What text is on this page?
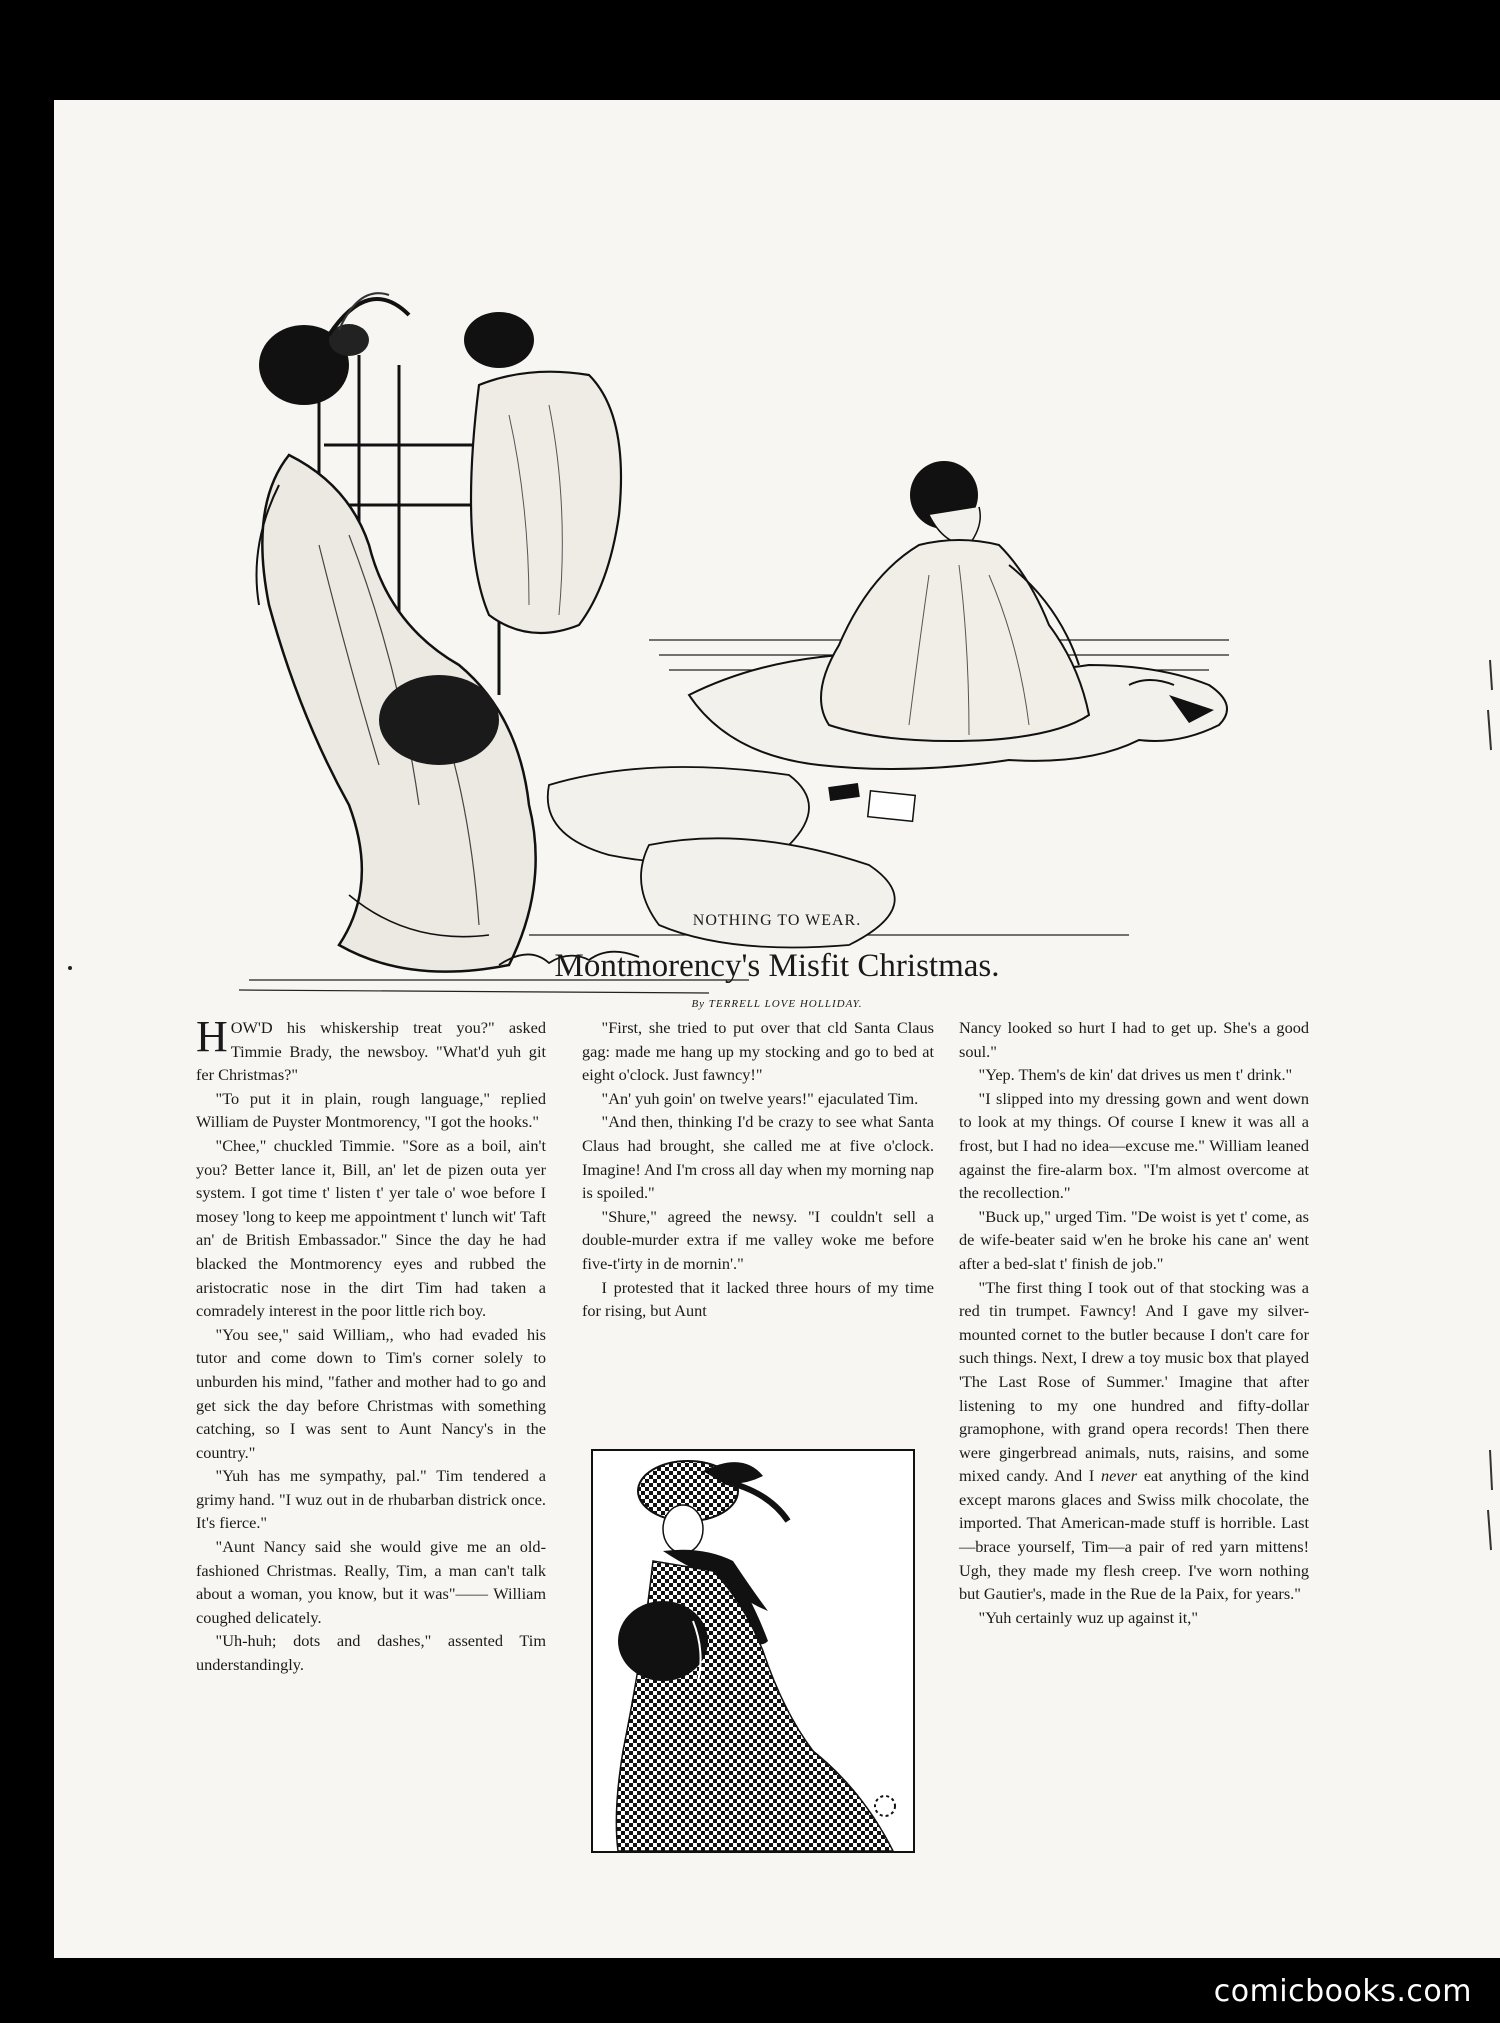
NOTHING TO WEAR.
Montmorency's Misfit Christmas.
By TERRELL LOVE HOLLIDAY.

HOW'D his whiskership treat you?" asked Timmie Brady, the newsboy. "What'd yuh git fer Christmas?"

"To put it in plain, rough language," replied William de Puyster Montmorency, "I got the hooks."

"Chee," chuckled Timmie. "Sore as a boil, ain't you? Better lance it, Bill, an' let de pizen outa yer system. I got time t' listen t' yer tale o' woe before I mosey 'long to keep me appointment t' lunch wit' Taft an' de British Embassador." Since the day he had blacked the Montmorency eyes and rubbed the aristocratic nose in the dirt Tim had taken a comradely interest in the poor little rich boy.

"You see," said William,, who had evaded his tutor and come down to Tim's corner solely to unburden his mind, "father and mother had to go and get sick the day before Christmas with something catching, so I was sent to Aunt Nancy's in the country."

"Yuh has me sympathy, pal." Tim tendered a grimy hand. "I wuz out in de rhubarban districk once. It's fierce."

"Aunt Nancy said she would give me an old-fashioned Christmas. Really, Tim, a man can't talk about a woman, you know, but it was"—— William coughed delicately.

"Uh-huh; dots and dashes," assented Tim understandingly.

"First, she tried to put over that cld Santa Claus gag: made me hang up my stocking and go to bed at eight o'clock. Just fawncy!"

"An' yuh goin' on twelve years!" ejaculated Tim.

"And then, thinking I'd be crazy to see what Santa Claus had brought, she called me at five o'clock. Imagine! And I'm cross all day when my morning nap is spoiled."

"Shure," agreed the newsy. "I couldn't sell a double-murder extra if me valley woke me before five-t'irty in de mornin'."

I protested that it lacked three hours of my time for rising, but Aunt

Nancy looked so hurt I had to get up. She's a good soul."

"Yep. Them's de kin' dat drives us men t' drink."

"I slipped into my dressing gown and went down to look at my things. Of course I knew it was all a frost, but I had no idea—excuse me." William leaned against the fire-alarm box. "I'm almost overcome at the recollection."

"Buck up," urged Tim. "De woist is yet t' come, as de wife-beater said w'en he broke his cane an' went after a bed-slat t' finish de job."

"The first thing I took out of that stocking was a red tin trumpet. Fawncy! And I gave my silver-mounted cornet to the butler because I don't care for such things. Next, I drew a toy music box that played 'The Last Rose of Summer.' Imagine that after listening to my one hundred and fifty-dollar gramophone, with grand opera records! Then there were gingerbread animals, nuts, raisins, and some mixed candy. And I never eat anything of the kind except marons glaces and Swiss milk chocolate, the imported. That American-made stuff is horrible. Last—brace yourself, Tim—a pair of red yarn mittens! Ugh, they made my flesh creep. I've worn nothing but Gautier's, made in the Rue de la Paix, for years."

"Yuh certainly wuz up against it,"

comicbooks.com
